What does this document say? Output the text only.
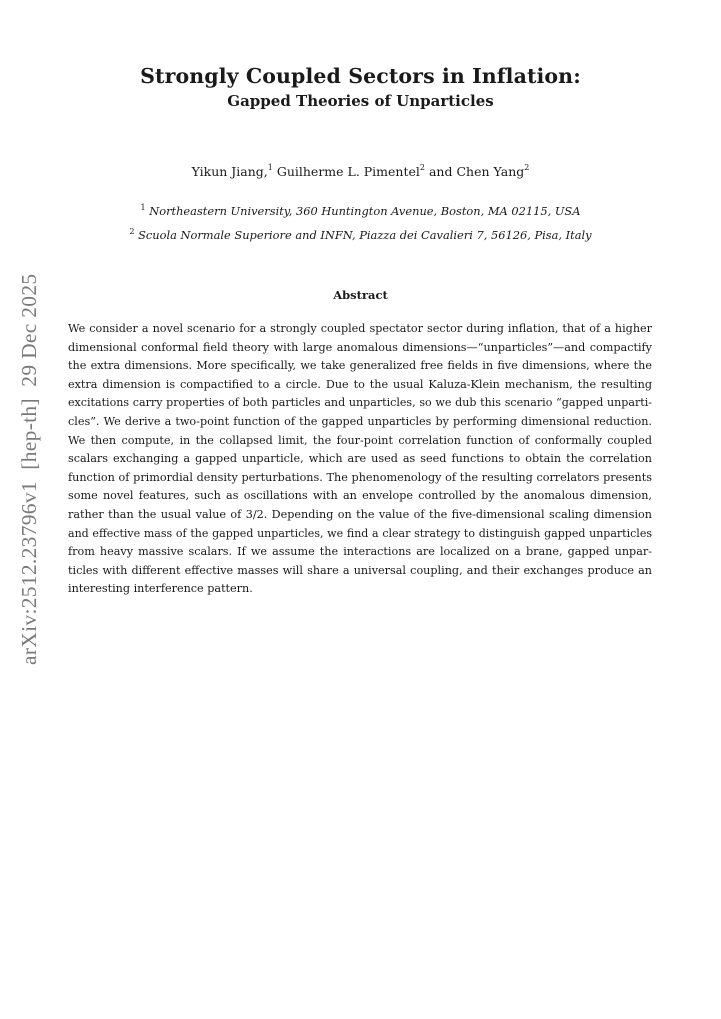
Strongly Coupled Sectors in Inflation:
Gapped Theories of Unparticles
Yikun Jiang,$^1$ Guilherme L. Pimentel$^2$ and Chen Yang$^2$
$^1$ Northeastern University, 360 Huntington Avenue, Boston, MA 02115, USA
$^2$ Scuola Normale Superiore and INFN, Piazza dei Cavalieri 7, 56126, Pisa, Italy
Abstract
We consider a novel scenario for a strongly coupled spectator sector during inflation, that of a higher
dimensional conformal field theory with large anomalous dimensions—“unparticles”—and compactify
the extra dimensions. More specifically, we take generalized free fields in five dimensions, where the
extra dimension is compactified to a circle. Due to the usual Kaluza-Klein mechanism, the resulting
excitations carry properties of both particles and unparticles, so we dub this scenario “gapped unparti-
cles”. We derive a two-point function of the gapped unparticles by performing dimensional reduction.
We then compute, in the collapsed limit, the four-point correlation function of conformally coupled
scalars exchanging a gapped unparticle, which are used as seed functions to obtain the correlation
function of primordial density perturbations. The phenomenology of the resulting correlators presents
some novel features, such as oscillations with an envelope controlled by the anomalous dimension,
rather than the usual value of 3/2. Depending on the value of the five-dimensional scaling dimension
and effective mass of the gapped unparticles, we find a clear strategy to distinguish gapped unparticles
from heavy massive scalars. If we assume the interactions are localized on a brane, gapped unpar-
ticles with different effective masses will share a universal coupling, and their exchanges produce an
interesting interference pattern.
arXiv:2512.23796v1  [hep-th]  29 Dec 2025
